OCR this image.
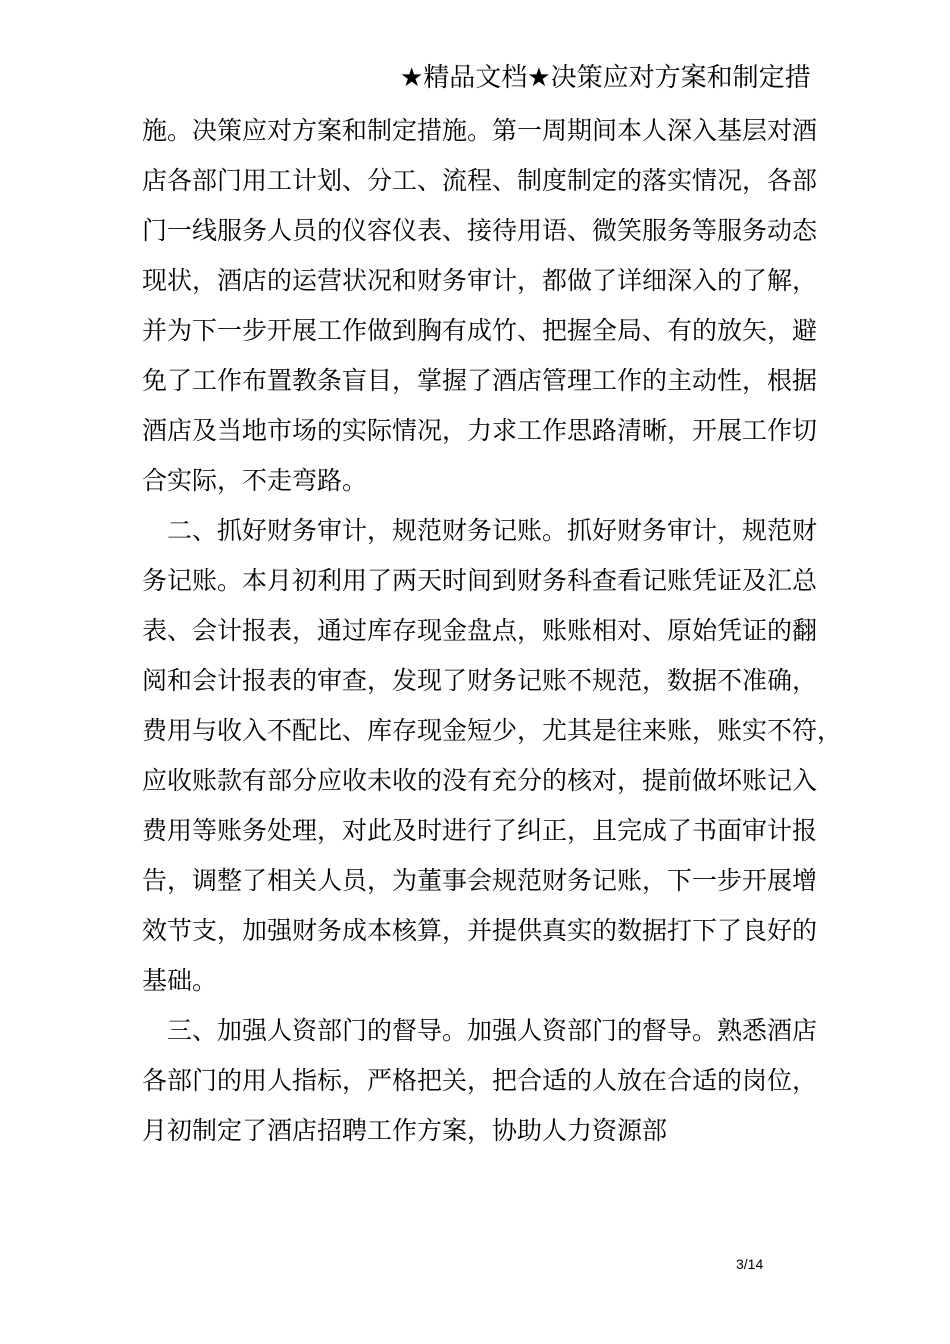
★精品文档★决策应对方案和制定措
施。决策应对方案和制定措施。第一周期间本人深入基层对酒
店各部门用工计划、分工、流程、制度制定的落实情况，各部
门一线服务人员的仪容仪表、接待用语、微笑服务等服务动态
现状，酒店的运营状况和财务审计，都做了详细深入的了解，
并为下一步开展工作做到胸有成竹、把握全局、有的放矢，避
免了工作布置教条盲目，掌握了酒店管理工作的主动性，根据
酒店及当地市场的实际情况，力求工作思路清晰，开展工作切
合实际，不走弯路。
　二、抓好财务审计，规范财务记账。抓好财务审计，规范财
务记账。本月初利用了两天时间到财务科查看记账凭证及汇总
表、会计报表，通过库存现金盘点，账账相对、原始凭证的翻
阅和会计报表的审查，发现了财务记账不规范，数据不准确，
费用与收入不配比、库存现金短少，尤其是往来账，账实不符，
应收账款有部分应收未收的没有充分的核对，提前做坏账记入
费用等账务处理，对此及时进行了纠正，且完成了书面审计报
告，调整了相关人员，为董事会规范财务记账，下一步开展增
效节支，加强财务成本核算，并提供真实的数据打下了良好的
基础。
　三、加强人资部门的督导。加强人资部门的督导。熟悉酒店
各部门的用人指标，严格把关，把合适的人放在合适的岗位，
月初制定了酒店招聘工作方案，协助人力资源部
3/14
